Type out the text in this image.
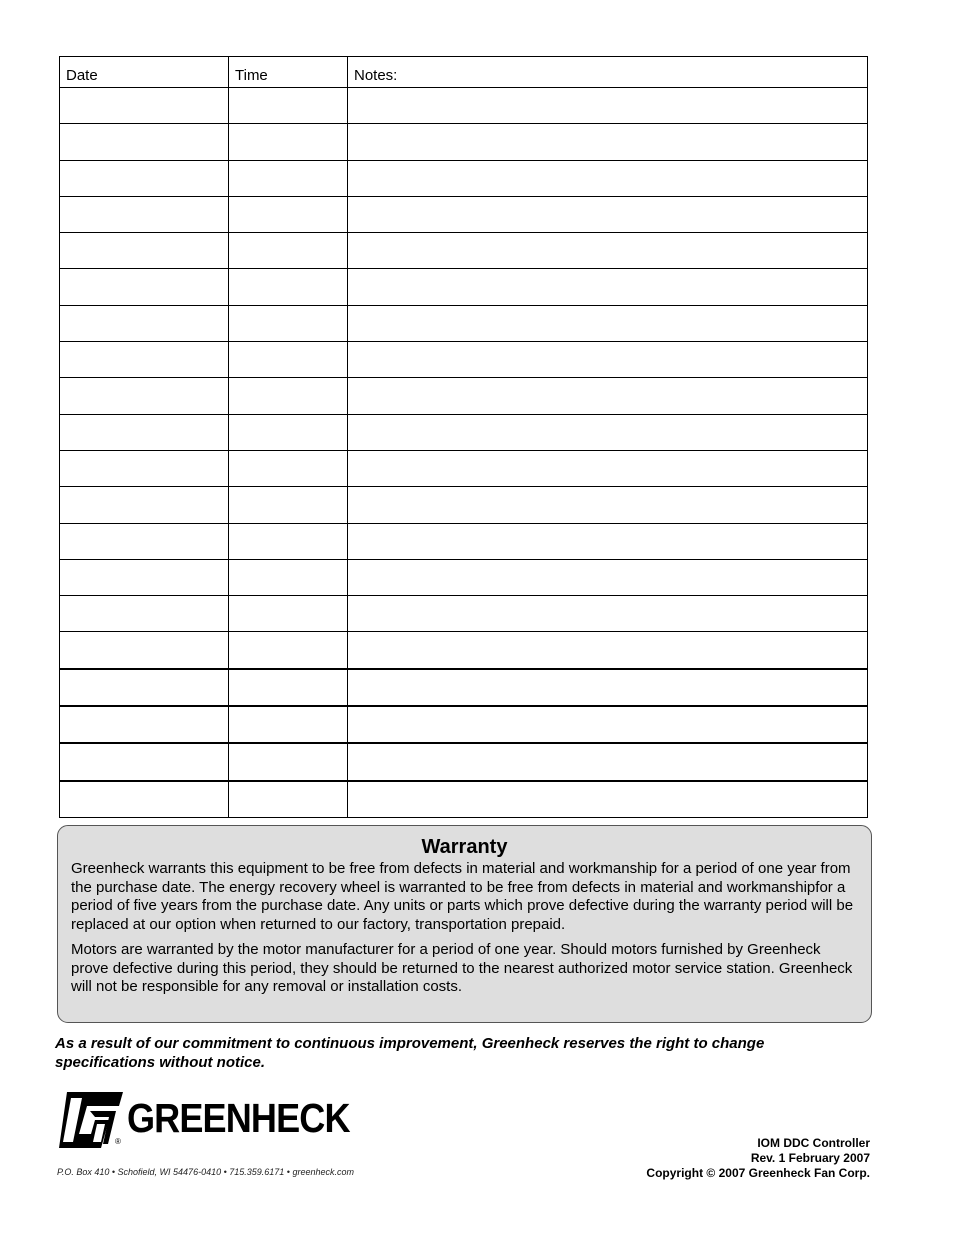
Date	Time	Notes:

Warranty

Greenheck warrants this equipment to be free from defects in material and workmanship for a period of one year from the purchase date. The energy recovery wheel is warranted to be free from defects in material and workmanshipfor a period of five years from the purchase date. Any units or parts which prove defective during the warranty period will be replaced at our option when returned to our factory, transportation prepaid.

Motors are warranted by the motor manufacturer for a period of one year. Should motors furnished by Greenheck prove defective during this period, they should be returned to the nearest authorized motor service station. Greenheck will not be responsible for any removal or installation costs.

As a result of our commitment to continuous improvement, Greenheck reserves the right to change specifications without notice.
®
GREENHECK
P.O. Box 410 • Schofield, WI 54476-0410 • 715.359.6171 • greenheck.com
IOM DDC Controller
Rev. 1 February 2007
Copyright © 2007 Greenheck Fan Corp.
